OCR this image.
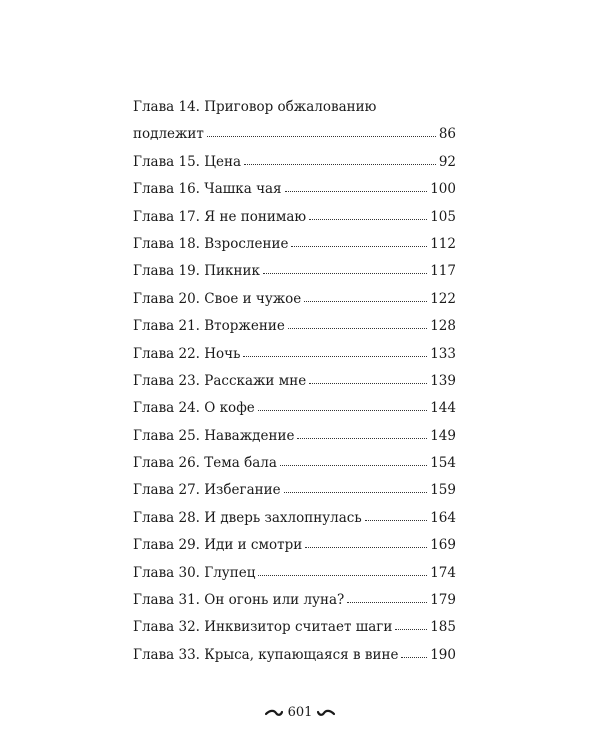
Глава 14. Приговор обжалованию
подлежит	86
Глава 15. Цена	92
Глава 16. Чашка чая	100
Глава 17. Я не понимаю	105
Глава 18. Взросление	112
Глава 19. Пикник	117
Глава 20. Свое и чужое	122
Глава 21. Вторжение	128
Глава 22. Ночь	133
Глава 23. Расскажи мне	139
Глава 24. О кофе	144
Глава 25. Наваждение	149
Глава 26. Тема бала	154
Глава 27. Избегание	159
Глава 28. И дверь захлопнулась	164
Глава 29. Иди и смотри	169
Глава 30. Глупец	174
Глава 31. Он огонь или луна?	179
Глава 32. Инквизитор считает шаги	185
Глава 33. Крыса, купающаяся в вине 190
601
